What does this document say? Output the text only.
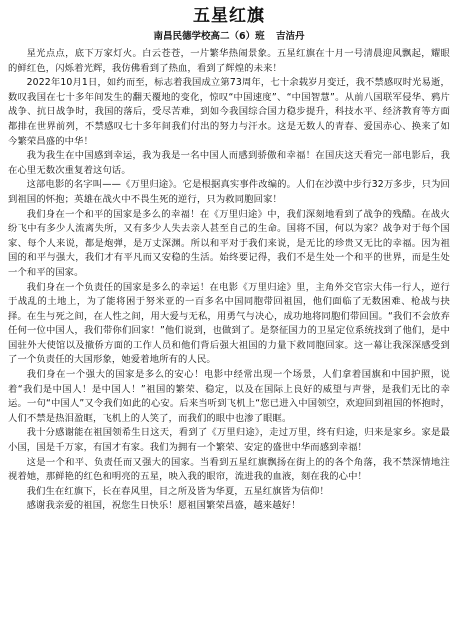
五星红旗
南昌民德学校高二（6）班 吉洁丹

星光点点，底下万家灯火。白云苍苍，一片繁华热闹景象。五星红旗在十月一号清晨迎风飘起，耀眼的鲜红色，闪烁着光辉，我仿佛看到了热血，看到了辉煌的未来！

2022年10月1日，如约而至，标志着我国成立第73周年，七十余载岁月变迁，我不禁感叹时光易逝，数叹我国在七十多年间发生的翻天覆地的变化，惊叹“中国速度”、“中国智慧”。从前八国联军侵华、鸦片战争、抗日战争时，我国的落后，受尽苦难，到如今我国综合国力稳步提升，科技水平、经济教育等方面都排在世界前列，不禁感叹七十多年间我们付出的努力与汗水。这是无数人的青春、爱国赤心、换来了如今繁荣昌盛的中华！

我为我生在中国感到幸运，我为我是一名中国人而感到骄傲和幸福！在国庆这天看完一部电影后，我在心里无数次重复着这句话。

这部电影的名字叫——《万里归途》。它是根据真实事件改编的。人们在沙漠中步行32万多步，只为回到祖国的怀抱；英雄在战火中不畏生死的逆行，只为救同胞回家！

我们身在一个和平的国家是多么的幸福！在《万里归途》中，我们深刻地看到了战争的残酷。在战火纷飞中有多少人流离失所，又有多少人失去亲人甚至自己的生命。国将不国，何以为家？战争对于每个国家、每个人来说，都是炮弹，是万丈深渊。所以和平对于我们来说，是无比的珍贵又无比的幸福。因为祖国的和平与强大，我们才有平凡而又安稳的生活。始终要记得，我们不是生处一个和平的世界，而是生处一个和平的国家。

我们身在一个负责任的国家是多么的幸运！在电影《万里归途》里，主角外交官宗大伟一行人，逆行于战乱的土地上，为了能将困于努米亚的一百多名中国同胞带回祖国，他们面临了无数困难、枪战与抉择。在生与死之间，在人性之间，用大爱与无私，用勇气与决心，成功地将同胞们带回国。“我们不会放弃任何一位中国人，我们带你们回家！”他们说到，也做到了。是祭征国力的卫星定位系统找到了他们，是中国驻外大使馆以及撤侨方面的工作人员和他们背后强大祖国的力量下救同胞回家。这一幕让我深深感受到了一个负责任的大国形象，她爱着地所有的人民。

我们身在一个强大的国家是多么的安心！电影中经常出现一个场景，人们拿着国旗和中国护照，说着“我们是中国人！是中国人！”祖国的繁荣、稳定，以及在国际上良好的威望与声誉，是我们无比的幸运。一句“中国人”又令我们如此的心安。后来当听到飞机上“您已进入中国领空，欢迎回到祖国的怀抱时，人们不禁是热泪盈眶，飞机上的人笑了，而我们的眼中也渗了眼眶。

我十分感谢能在祖国领希生日这天，看到了《万里归途》，走过万里，终有归途，归来是家乡。家是最小国，国是千万家，有国才有家。我们为拥有一个繁荣、安定的盛世中华而感到幸福！

这是一个和平、负责任而又强大的国家。当看到五星红旗飘扬在街上的的各个角落，我不禁深情地注视着她，那鲜艳的红色和明亮的五星，映入我的眼帘，流进我的血液，刻在我的心中！

我们生在红旗下，长在春风里，目之所及皆为华夏，五星红旗皆为信仰！

感谢我亲爱的祖国，祝您生日快乐！愿祖国繁荣昌盛，越来越好！
